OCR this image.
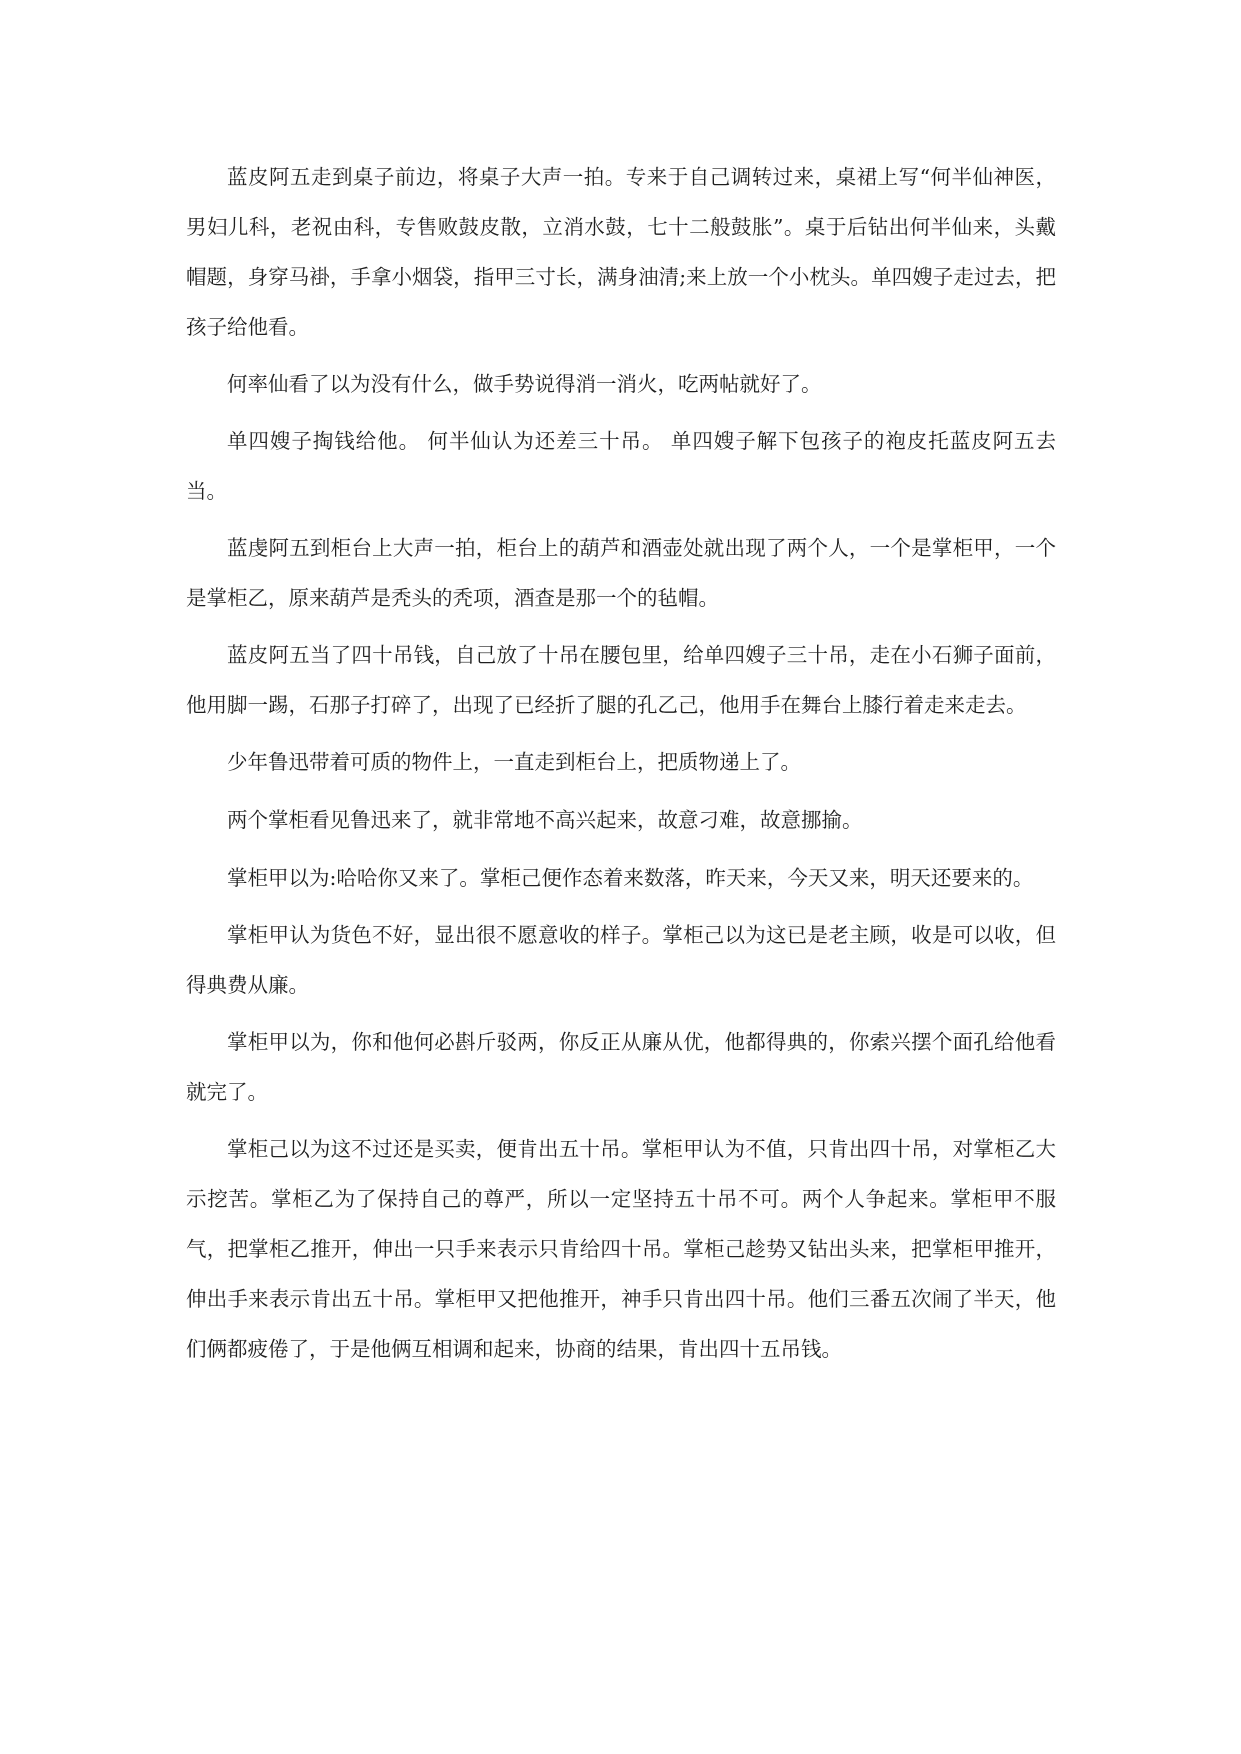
蓝皮阿五走到桌子前边，将桌子大声一拍。专来于自己调转过来，桌裙上写“何半仙神医，男妇儿科，老祝由科，专售败鼓皮散，立消水鼓，七十二般鼓胀”。桌于后钻出何半仙来，头戴帽题，身穿马褂，手拿小烟袋，指甲三寸长，满身油清;来上放一个小枕头。单四嫂子走过去，把孩子给他看。

何率仙看了以为没有什么，做手势说得消一消火，吃两帖就好了。

单四嫂子掏钱给他。 何半仙认为还差三十吊。 单四嫂子解下包孩子的袍皮托蓝皮阿五去当。

蓝虔阿五到柜台上大声一拍，柜台上的葫芦和酒壶处就出现了两个人，一个是掌柜甲，一个是掌柜乙，原来葫芦是秃头的秃项，酒查是那一个的毡帽。

蓝皮阿五当了四十吊钱，自己放了十吊在腰包里，给单四嫂子三十吊，走在小石狮子面前，他用脚一踢，石那子打碎了，出现了已经折了腿的孔乙己，他用手在舞台上膝行着走来走去。

少年鲁迅带着可质的物件上，一直走到柜台上，把质物递上了。

两个掌柜看见鲁迅来了，就非常地不高兴起来，故意刁难，故意挪揄。

掌柜甲以为:哈哈你又来了。掌柜己便作态着来数落，昨天来，今天又来，明天还要来的。

掌柜甲认为货色不好，显出很不愿意收的样子。掌柜己以为这已是老主顾，收是可以收，但得典费从廉。

掌柜甲以为，你和他何必斟斤驳两，你反正从廉从优，他都得典的，你索兴摆个面孔给他看就完了。

掌柜己以为这不过还是买卖，便肯出五十吊。掌柜甲认为不值，只肯出四十吊，对掌柜乙大示挖苦。掌柜乙为了保持自己的尊严，所以一定坚持五十吊不可。两个人争起来。掌柜甲不服气，把掌柜乙推开，伸出一只手来表示只肯给四十吊。掌柜己趁势又钻出头来，把掌柜甲推开，伸出手来表示肯出五十吊。掌柜甲又把他推开，神手只肯出四十吊。他们三番五次闹了半天，他们俩都疲倦了，于是他俩互相调和起来，协商的结果，肯出四十五吊钱。
